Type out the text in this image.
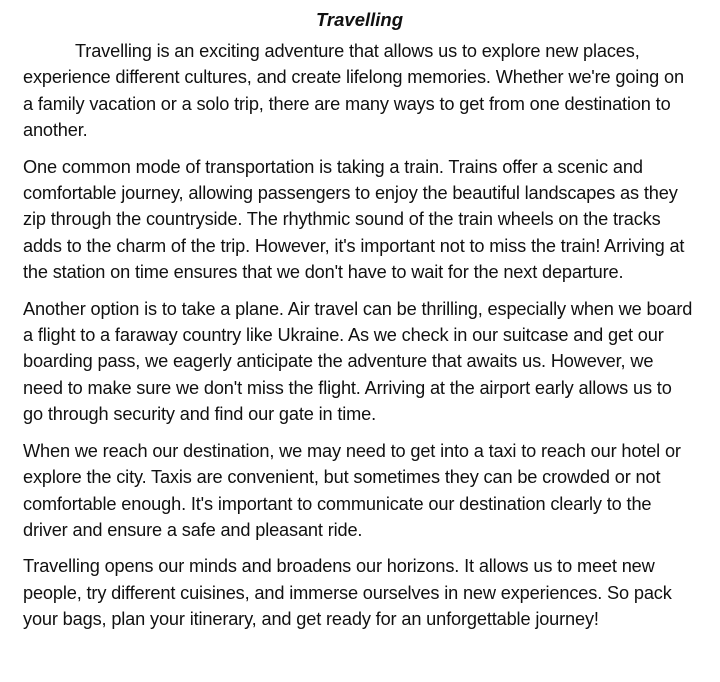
Travelling

Travelling is an exciting adventure that allows us to explore new places, experience different cultures, and create lifelong memories. Whether we're going on a family vacation or a solo trip, there are many ways to get from one destination to another.

One common mode of transportation is taking a train. Trains offer a scenic and comfortable journey, allowing passengers to enjoy the beautiful landscapes as they zip through the countryside. The rhythmic sound of the train wheels on the tracks adds to the charm of the trip. However, it's important not to miss the train! Arriving at the station on time ensures that we don't have to wait for the next departure.

Another option is to take a plane. Air travel can be thrilling, especially when we board a flight to a faraway country like Ukraine. As we check in our suitcase and get our boarding pass, we eagerly anticipate the adventure that awaits us. However, we need to make sure we don't miss the flight. Arriving at the airport early allows us to go through security and find our gate in time.

When we reach our destination, we may need to get into a taxi to reach our hotel or explore the city. Taxis are convenient, but sometimes they can be crowded or not comfortable enough. It's important to communicate our destination clearly to the driver and ensure a safe and pleasant ride.

Travelling opens our minds and broadens our horizons. It allows us to meet new people, try different cuisines, and immerse ourselves in new experiences. So pack your bags, plan your itinerary, and get ready for an unforgettable journey!
